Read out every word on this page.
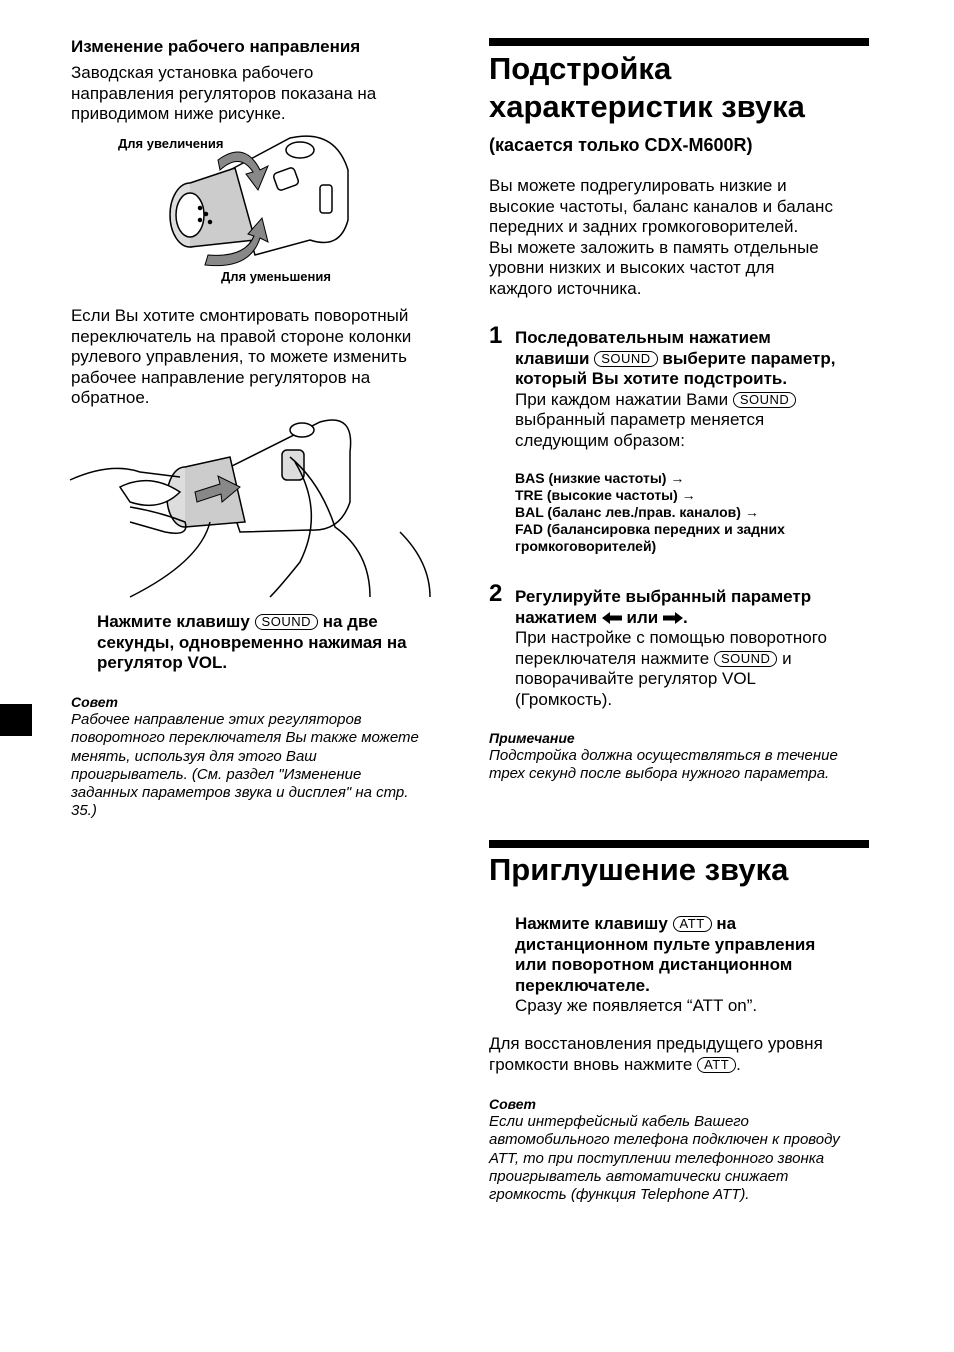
Изменение рабочего направления
Заводская установка рабочего
направления регуляторов показана на
приводимом ниже рисунке.
Для увеличения
Для уменьшения
Если Вы хотите смонтировать поворотный
переключатель на правой стороне колонки
рулевого управления, то можете изменить
рабочее направление регуляторов на
обратное.
Нажмите клавишу SOUND на две
секунды, одновременно нажимая на
регулятор VOL.
Совет
Рабочее направление этих регуляторов
поворотного переключателя Вы также можете
менять, используя для этого Ваш
проигрыватель. (См. раздел "Изменение
заданных параметров звука и дисплея" на стр.
35.)
Подстройка
характеристик звука
(касается только CDX-M600R)
Вы можете подрегулировать низкие и
высокие частоты, баланс каналов и баланс
передних и задних громкоговорителей.
Вы можете заложить в память отдельные
уровни низких и высоких частот для
каждого источника.
1 Последовательным нажатием
клавиши SOUND выберите параметр,
который Вы хотите подстроить.
При каждом нажатии Вами SOUND
выбранный параметр меняется
следующим образом:
BAS (низкие частоты) →
TRE (высокие частоты) →
BAL (баланс лев./прав. каналов) →
FAD (балансировка передних и задних
громкоговорителей)
2 Регулируйте выбранный параметр
нажатием или .
При настройке с помощью поворотного
переключателя нажмите SOUND и
поворачивайте регулятор VOL
(Громкость).
Примечание
Подстройка должна осуществляться в течение
трех секунд после выбора нужного параметра.
Приглушение звука
Нажмите клавишу ATT на
дистанционном пульте управления
или поворотном дистанционном
переключателе.
Сразу же появляется “ATT on”.
Для восстановления предыдущего уровня
громкости вновь нажмите ATT .
Совет
Если интерфейсный кабель Вашего
автомобильного телефона подключен к проводу
ATT, то при поступлении телефонного звонка
проигрыватель автоматически снижает
громкость (функция Telephone ATT).
